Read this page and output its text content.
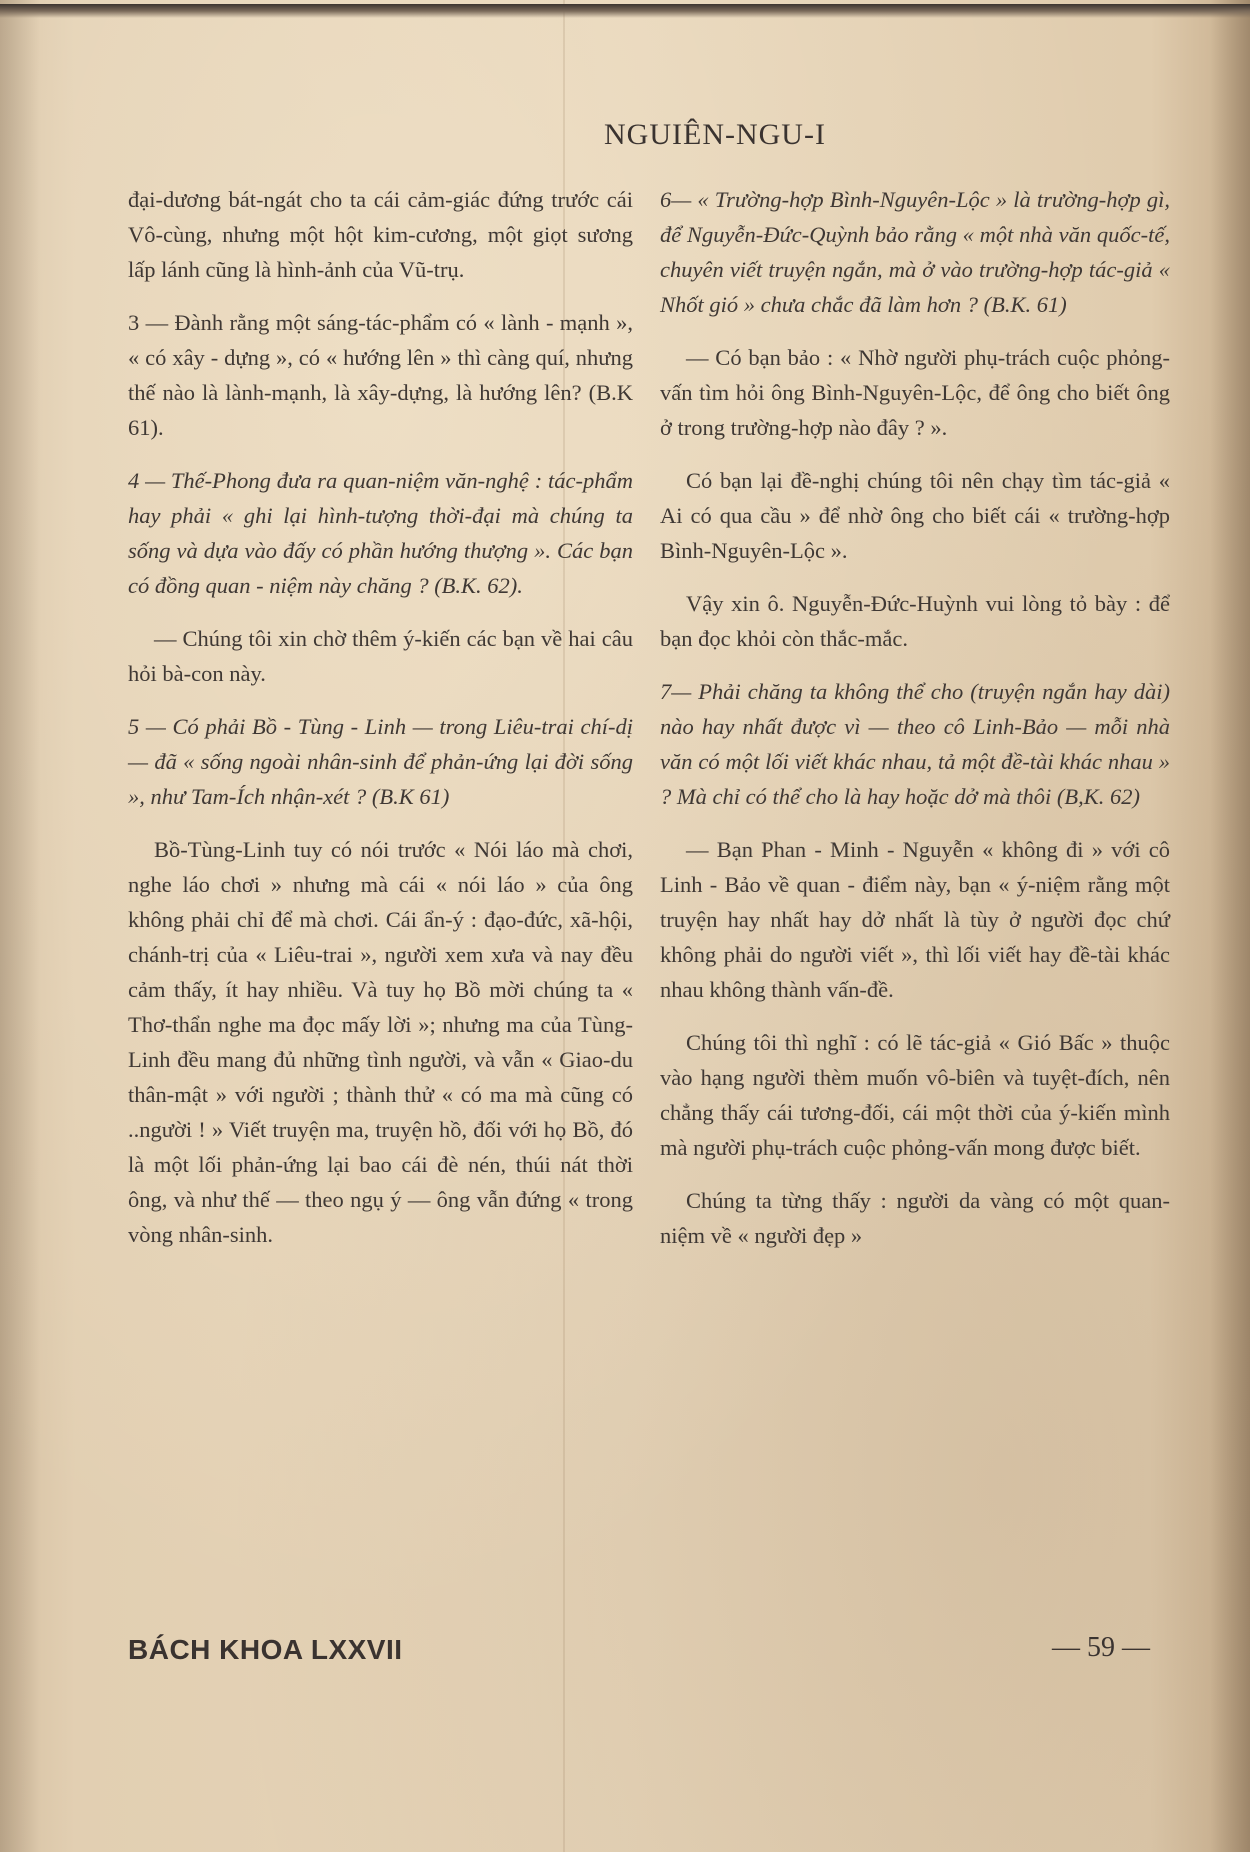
NGUIÊN-NGU-I

đại-dương bát-ngát cho ta cái cảm-giác đứng trước cái Vô-cùng, nhưng một hột kim-cương, một giọt sương lấp lánh cũng là hình-ảnh của Vũ-trụ.

3 — Đành rằng một sáng-tác-phẩm có « lành - mạnh », « có xây - dựng », có « hướng lên » thì càng quí, nhưng thế nào là lành-mạnh, là xây-dựng, là hướng lên? (B.K 61).

4 — Thế-Phong đưa ra quan-niệm văn-nghệ : tác-phẩm hay phải « ghi lại hình-tượng thời-đại mà chúng ta sống và dựa vào đấy có phần hướng thượng ». Các bạn có đồng quan - niệm này chăng ? (B.K. 62).

— Chúng tôi xin chờ thêm ý-kiến các bạn về hai câu hỏi bà-con này.

5 — Có phải Bồ - Tùng - Linh — trong Liêu-trai chí-dị — đã « sống ngoài nhân-sinh để phản-ứng lại đời sống », như Tam-Ích nhận-xét ? (B.K 61)

Bồ-Tùng-Linh tuy có nói trước « Nói láo mà chơi, nghe láo chơi » nhưng mà cái « nói láo » của ông không phải chỉ để mà chơi. Cái ẩn-ý : đạo-đức, xã-hội, chánh-trị của « Liêu-trai », người xem xưa và nay đều cảm thấy, ít hay nhiều. Và tuy họ Bồ mời chúng ta « Thơ-thẩn nghe ma đọc mấy lời »; nhưng ma của Tùng-Linh đều mang đủ những tình người, và vẫn « Giao-du thân-mật » với người ; thành thử « có ma mà cũng có ..người ! » Viết truyện ma, truyện hồ, đối với họ Bồ, đó là một lối phản-ứng lại bao cái đè nén, thúi nát thời ông, và như thế — theo ngụ ý — ông vẫn đứng « trong vòng nhân-sinh.

6— « Trường-hợp Bình-Nguyên-Lộc » là trường-hợp gì, để Nguyễn-Đức-Quỳnh bảo rằng « một nhà văn quốc-tế, chuyên viết truyện ngắn, mà ở vào trường-hợp tác-giả « Nhốt gió » chưa chắc đã làm hơn ? (B.K. 61)

— Có bạn bảo : « Nhờ người phụ-trách cuộc phỏng-vấn tìm hỏi ông Bình-Nguyên-Lộc, để ông cho biết ông ở trong trường-hợp nào đây ? ».

Có bạn lại đề-nghị chúng tôi nên chạy tìm tác-giả « Ai có qua cầu » để nhờ ông cho biết cái « trường-hợp Bình-Nguyên-Lộc ».

Vậy xin ô. Nguyễn-Đức-Huỳnh vui lòng tỏ bày : để bạn đọc khỏi còn thắc-mắc.

7— Phải chăng ta không thể cho (truyện ngắn hay dài) nào hay nhất được vì — theo cô Linh-Bảo — mỗi nhà văn có một lối viết khác nhau, tả một đề-tài khác nhau » ? Mà chỉ có thể cho là hay hoặc dở mà thôi (B,K. 62)

— Bạn Phan - Minh - Nguyễn « không đi » với cô Linh - Bảo về quan - điểm này, bạn « ý-niệm rằng một truyện hay nhất hay dở nhất là tùy ở người đọc chứ không phải do người viết », thì lối viết hay đề-tài khác nhau không thành vấn-đề.

Chúng tôi thì nghĩ : có lẽ tác-giả « Gió Bấc » thuộc vào hạng người thèm muốn vô-biên và tuyệt-đích, nên chẳng thấy cái tương-đối, cái một thời của ý-kiến mình mà người phụ-trách cuộc phỏng-vấn mong được biết.

Chúng ta từng thấy : người da vàng có một quan-niệm về « người đẹp »

BÁCH KHOA LXXVII	— 59 —
